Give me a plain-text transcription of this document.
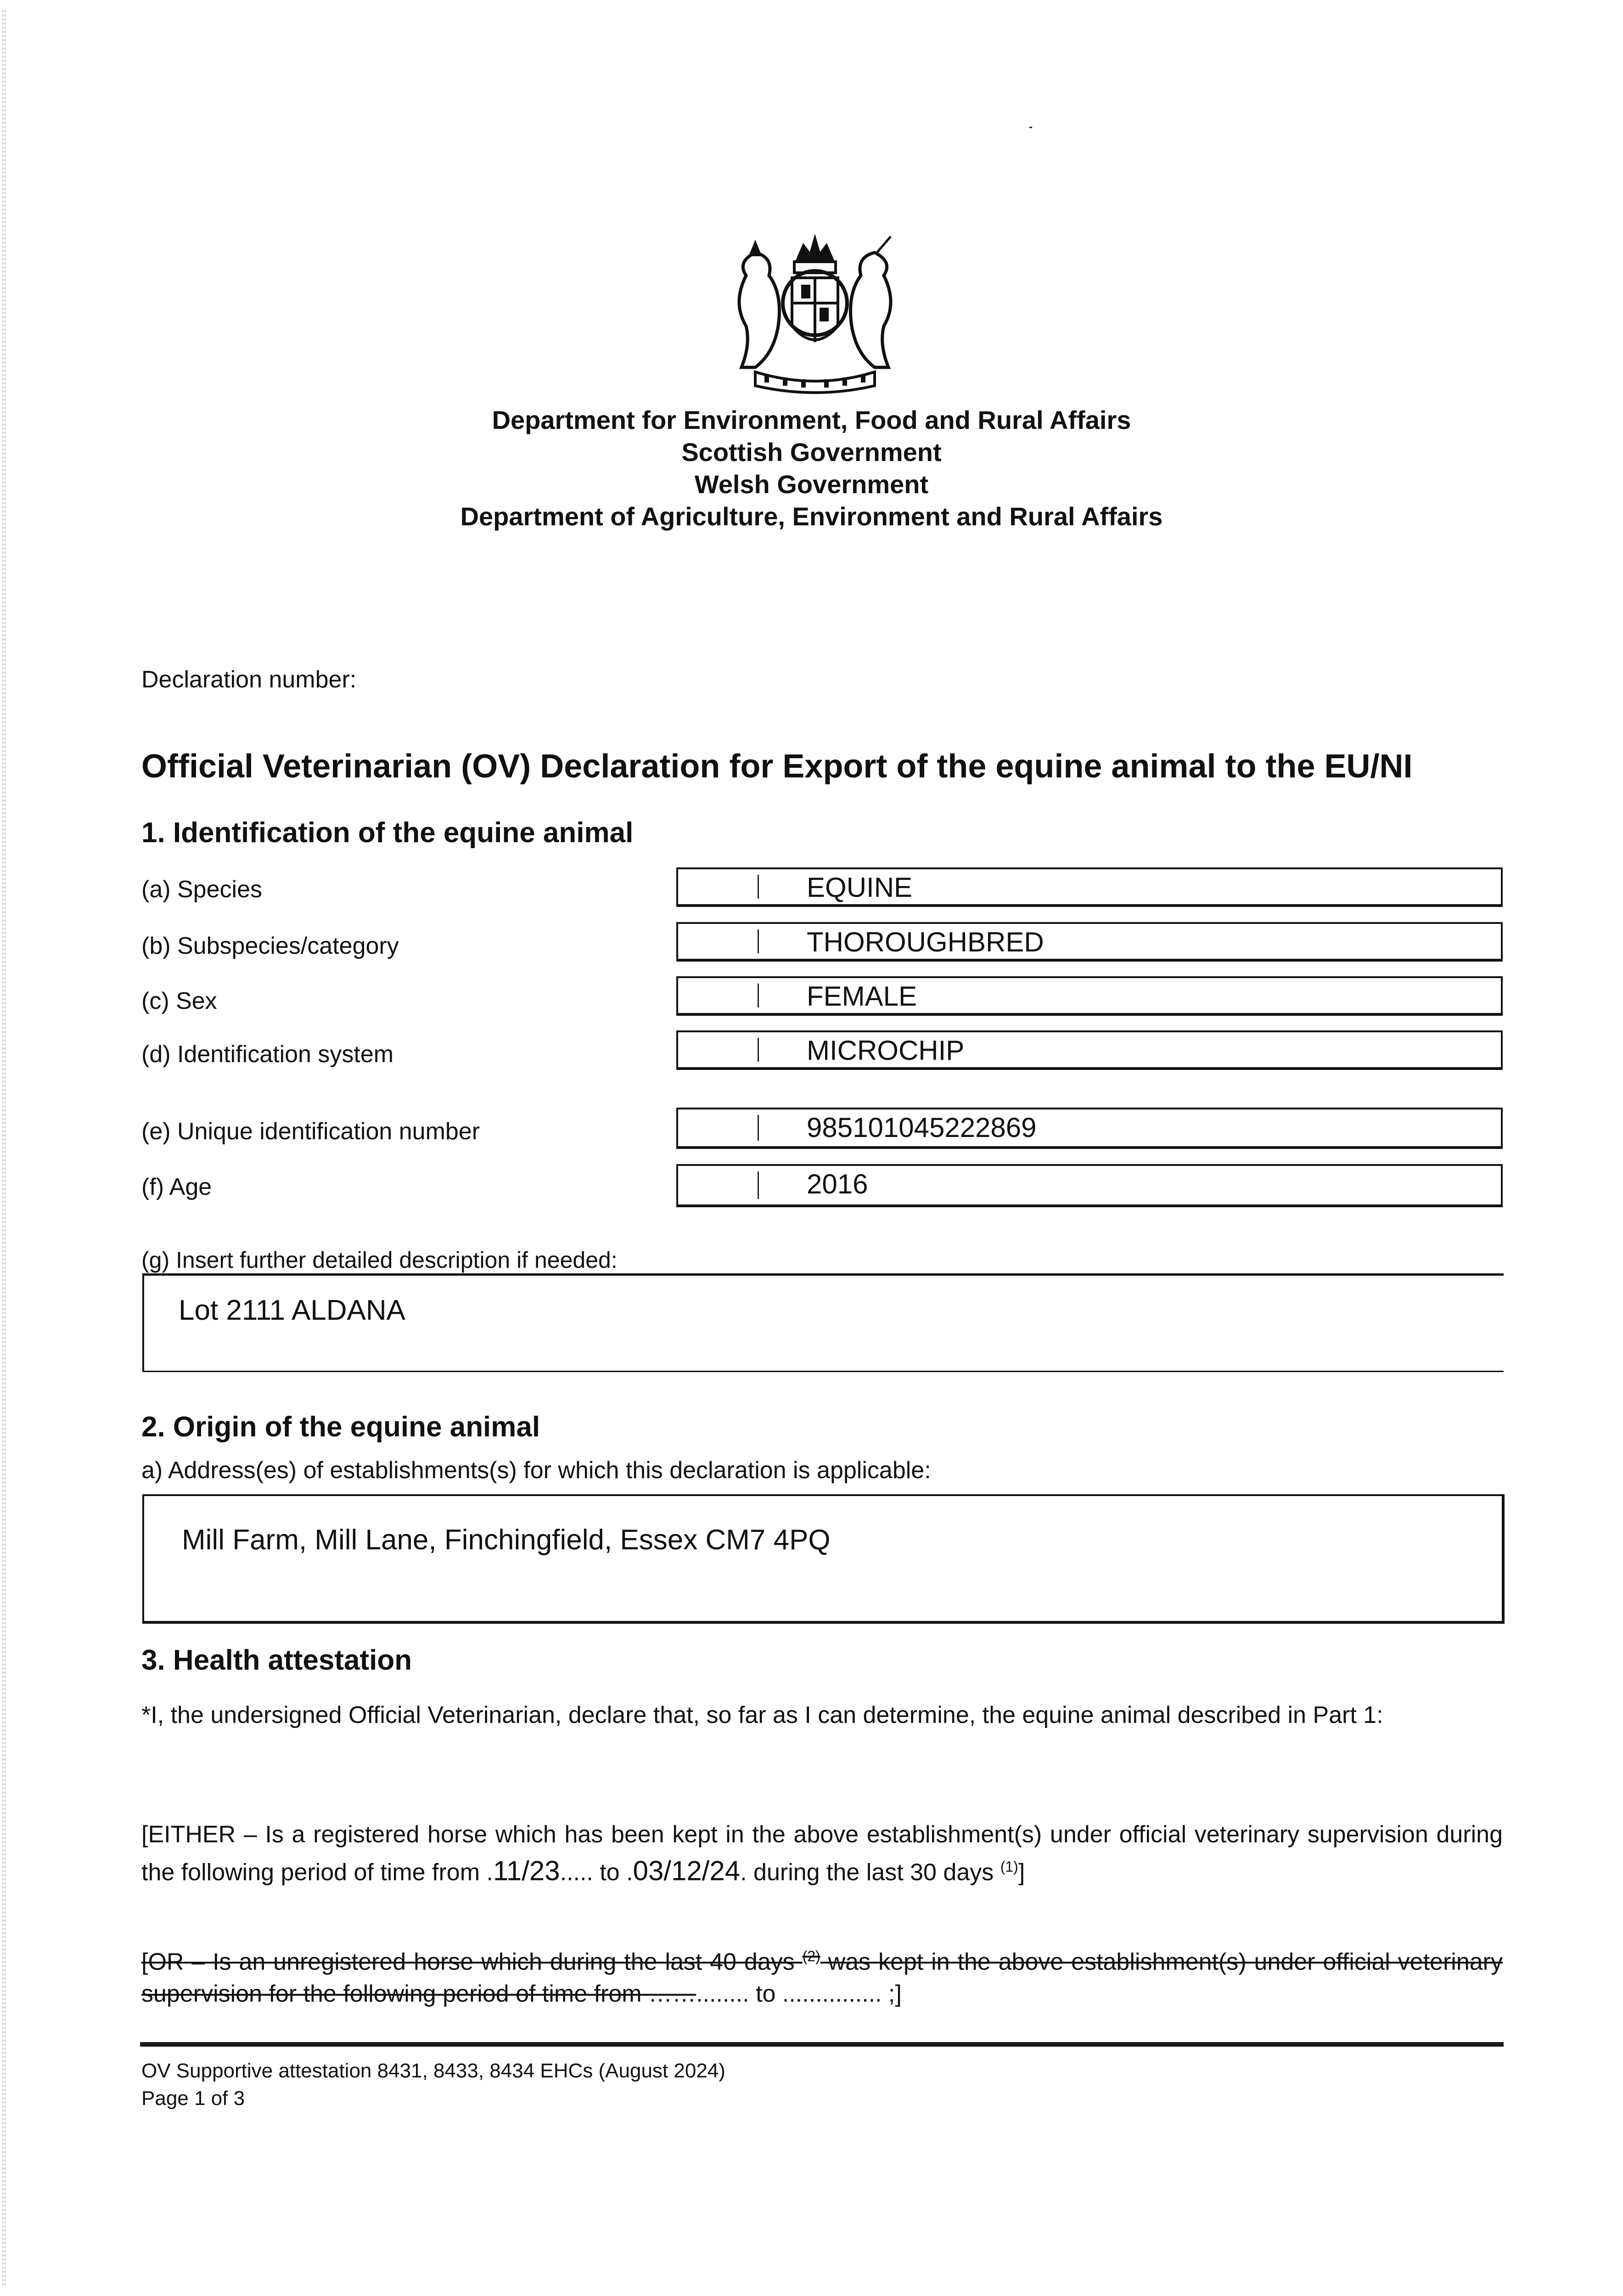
Department for Environment, Food and Rural Affairs
Scottish Government
Welsh Government
Department of Agriculture, Environment and Rural Affairs
Declaration number:
Official Veterinarian (OV) Declaration for Export of the equine animal to the EU/NI
1. Identification of the equine animal
(a) Species	EQUINE
(b) Subspecies/category	THOROUGHBRED
(c) Sex	FEMALE
(d) Identification system	MICROCHIP
(e) Unique identification number	985101045222869
(f) Age	2016
(g) Insert further detailed description if needed:
Lot 2111 ALDANA
2. Origin of the equine animal
a) Address(es) of establishments(s) for which this declaration is applicable:
Mill Farm, Mill Lane, Finchingfield, Essex CM7 4PQ
3. Health attestation
*I, the undersigned Official Veterinarian, declare that, so far as I can determine, the equine animal described in Part 1:
[EITHER – Is a registered horse which has been kept in the above establishment(s) under official veterinary supervision during the following period of time from .11/23..... to .03/12/24. during the last 30 days $^{(1)}$]
[OR – Is an unregistered horse which during the last 40 days $^{(2)}$ was kept in the above establishment(s) under official veterinary supervision for the following period of time from ……........ to ............... ;]
OV Supportive attestation 8431, 8433, 8434 EHCs (August 2024)
Page 1 of 3
